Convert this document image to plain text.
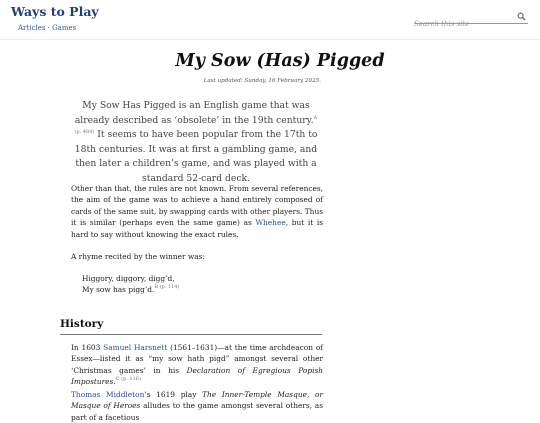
Ways to Play
Articles · Games
Search this site
My Sow (Has) Pigged
Last updated: Sunday, 16 February 2025.
My Sow Has Pigged is an English game that was already described as ‘obsolete’ in the 19th century.$^{A (p. 484)}$ It seems to have been popular from the 17th to 18th centuries. It was at first a gambling game, and then later a children’s game, and was played with a standard 52-card deck.
Other than that, the rules are not known. From several references, the aim of the game was to achieve a hand entirely composed of cards of the same suit, by swapping cards with other players. Thus it is similar (perhaps even the same game) as Whehee, but it is hard to say without knowing the exact rules.
A rhyme recited by the winner was:
Higgory, diggory, digg’d,
My sow has pigg’d.$^{B (p. 114)}$
History
In 1603 Samuel Harsnett (1561–1631)—at the time archdeacon of Essex—listed it as “my sow hath pigd” amongst several other ‘Christmas games’ in his Declaration of Egregious Popish Impostures.$^{C (p. 116)}$
Thomas Middleton’s 1619 play The Inner-Temple Masque, or Masque of Heroes alludes to the game amongst several others, as part of a facetious
